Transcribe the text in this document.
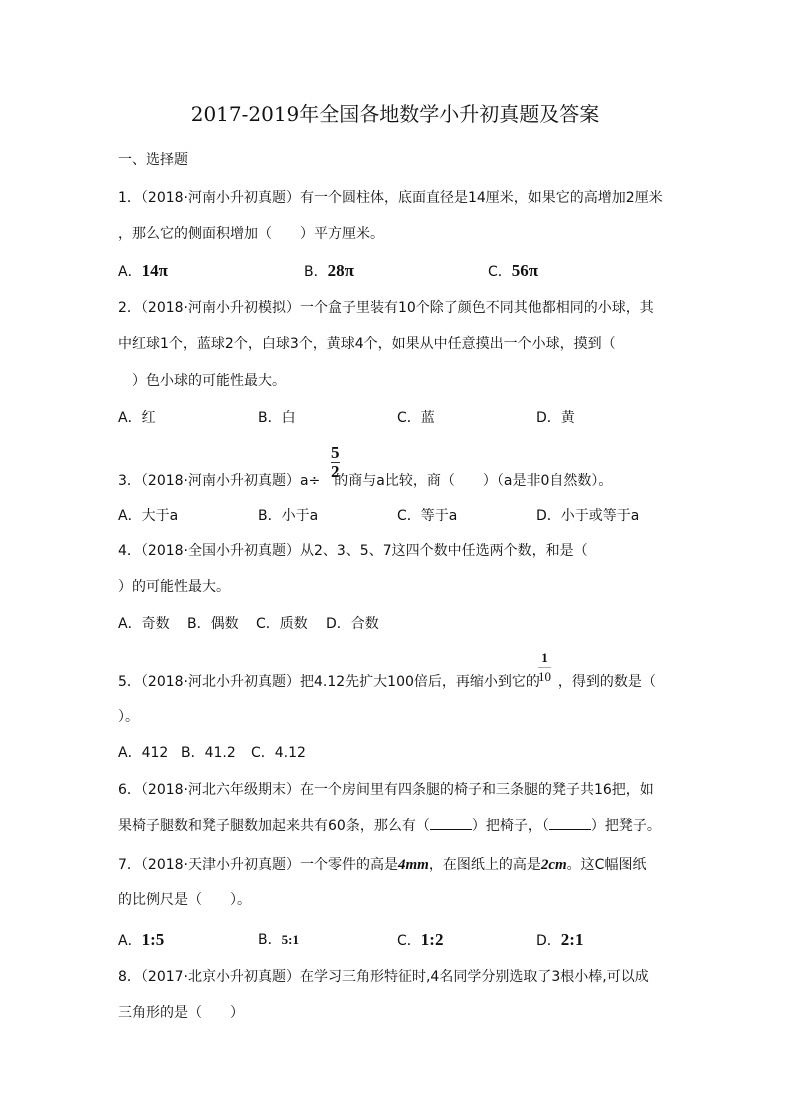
2017-2019年全国各地数学小升初真题及答案
一、选择题
1．（2018·河南小升初真题）有一个圆柱体，底面直径是14厘米，如果它的高增加2厘米
，那么它的侧面积增加（　　）平方厘米。
A．14π	B．28π	C．56π
2．（2018·河南小升初模拟）一个盒子里装有10个除了颜色不同其他都相同的小球，其
中红球1个，蓝球2个，白球3个，黄球4个，如果从中任意摸出一个小球，摸到（
　）色小球的可能性最大。
A．红	B．白	C．蓝	D．黄
3．（2018·河南小升初真题）a÷ 的商与a比较，商（　　）（a是非0自然数）。
5
2
A．大于a	B．小于a	C．等于a	D．小于或等于a
4．（2018·全国小升初真题）从2、3、5、7这四个数中任选两个数，和是（
）的可能性最大。
A．奇数 B．偶数 C．质数 D．合数
5．（2018·河北小升初真题）把4.12先扩大100倍后，再缩小到它的 ，得到的数是（
1
10
）。
A．412 B．41.2 C．4.12
6．（2018·河北六年级期末）在一个房间里有四条腿的椅子和三条腿的凳子共16把，如
果椅子腿数和凳子腿数加起来共有60条，那么有（	）把椅子，（	）把凳子。
7．（2018·天津小升初真题）一个零件的高是4mm，在图纸上的高是2cm。这C幅图纸
的比例尺是（　　）。
A．1:5	B．5:1	C．1:2	D．2:1
8．（2017·北京小升初真题）在学习三角形特征时,4名同学分别选取了3根小棒,可以成
三角形的是（　　）
